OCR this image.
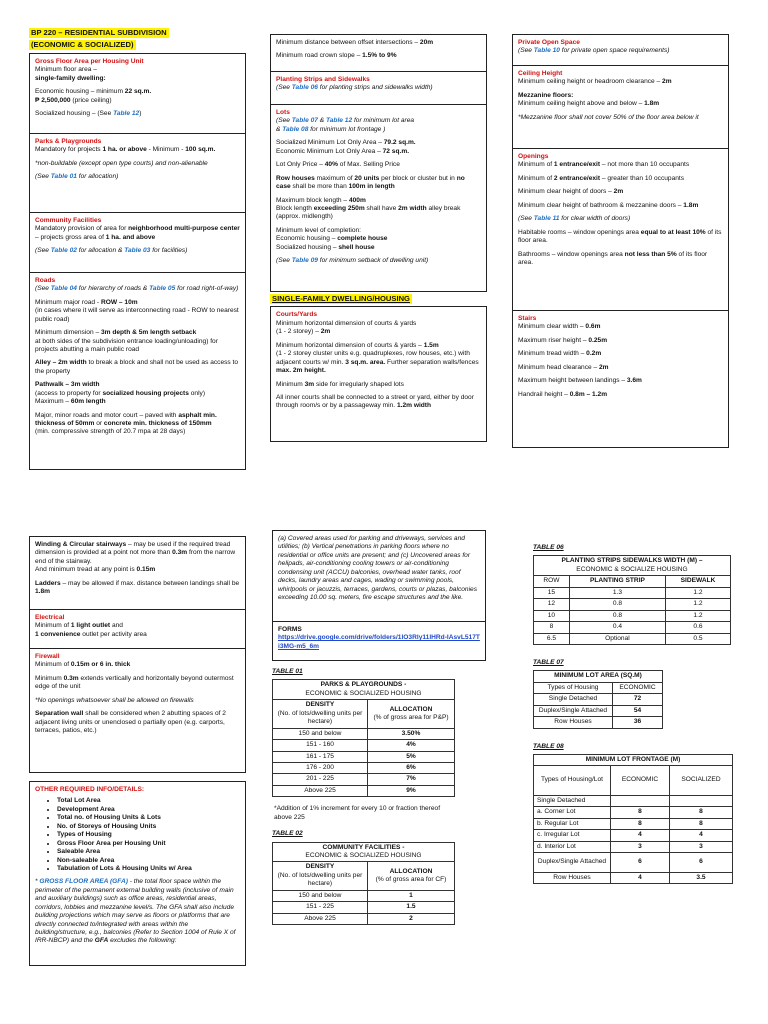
BP 220 – RESIDENTIAL SUBDIVISION
(ECONOMIC & SOCIALIZED)
Gross Floor Area per Housing Unit
Minimum floor area –

single-family dwelling:

Economic housing – minimum 22 sq.m.
₱ 2,500,000 (price ceiling)

Socialized housing – (See Table 12)

Parks & Playgrounds

Mandatory for projects 1 ha. or above - Minimum - 100 sq.m.

*non-buildable (except open type courts) and non-alienable

(See Table 01 for allocation)

Community Facilities

Mandatory provision of area for neighborhood multi-purpose center – projects gross area of 1 ha. and above

(See Table 02 for allocation & Table 03 for facilities)

Roads

(See Table 04 for hierarchy of roads & Table 05 for road right-of-way)

Minimum major road - ROW – 10m
(in cases where it will serve as interconnecting road - ROW to nearest public road)

Minimum dimension – 3m depth & 5m length setback
at both sides of the subdivision entrance loading/unloading) for projects abutting a main public road

Alley – 2m width to break a block and shall not be used as access to the property

Pathwalk – 3m width
(access to property for socialized housing projects only)
Maximum – 60m length

Major, minor roads and motor court – paved with asphalt min. thickness of 50mm or concrete min. thickness of 150mm
(min. compressive strength of 20.7 mpa at 28 days)

Minimum distance between offset intersections – 20m

Minimum road crown slope – 1.5% to 9%

Planting Strips and Sidewalks

(See Table 06 for planting strips and sidewalks width)

Lots

(See Table 07 & Table 12 for minimum lot area
& Table 08 for minimum lot frontage )

Socialized Minimum Lot Only Area – 79.2 sq.m.
Economic Minimum Lot Only Area – 72 sq.m.

Lot Only Price – 40% of Max. Selling Price

Row houses maximum of 20 units per block or cluster but in no case shall be more than 100m in length

Maximum block length – 400m
Block length exceeding 250m shall have 2m width alley break (approx. midlength)

Minimum level of completion:
Economic housing – complete house
Socialized housing – shell house

(See Table 09 for minimum setback of dwelling unit)

SINGLE-FAMILY DWELLING/HOUSING
Courts/Yards

Minimum horizontal dimension of courts & yards
(1 - 2 storey) – 2m

Minimum horizontal dimension of courts & yards – 1.5m
(1 - 2 storey cluster units e.g. quadruplexes, row houses, etc.) with adjacent courts w/ min. 3 sq.m. area. Further separation walls/fences max. 2m height.

Minimum 3m side for irregularly shaped lots

All inner courts shall be connected to a street or yard, either by door through room/s or by a passageway min. 1.2m width

Private Open Space

(See Table 10 for private open space requirements)

Ceiling Height

Minimum ceiling height or headroom clearance – 2m

Mezzanine floors:
Minimum ceiling height above and below – 1.8m

*Mezzanine floor shall not cover 50% of the floor area below it

Openings

Minimum of 1 entrance/exit – not more than 10 occupants

Minimum of 2 entrance/exit – greater than 10 occupants

Minimum clear height of doors – 2m

Minimum clear height of bathroom & mezzanine doors – 1.8m

(See Table 11 for clear width of doors)

Habitable rooms – window openings area equal to at least 10% of its floor area.

Bathrooms – window openings area not less than 5% of its floor area.

Stairs

Minimum clear width – 0.6m

Maximum riser height – 0.25m

Minimum tread width – 0.2m

Minimum head clearance – 2m

Maximum height between landings – 3.6m

Handrail height – 0.8m – 1.2m

Winding & Circular stairways – may be used if the required tread dimension is provided at a point not more than 0.3m from the narrow end of the stairway.
And minimum tread at any point is 0.15m

Ladders – may be allowed if max. distance between landings shall be 1.8m

Electrical
Minimum of 1 light outlet and
1 convenience outlet per activity area
Firewall

Minimum of 0.15m or 6 in. thick

Minimum 0.3m extends vertically and horizontally beyond outermost edge of the unit

*No openings whatsoever shall be allowed on firewalls

Separation wall shall be considered when 2 abutting spaces of 2 adjacent living units or unenclosed o partially open (e.g. carports, terraces, patios, etc.)

OTHER REQUIRED INFO/DETAILS:
• Total Lot Area
• Development Area
• Total no. of Housing Units & Lots
• No. of Storeys of Housing Units
• Types of Housing
• Gross Floor Area per Housing Unit
• Saleable Area
• Non-saleable Area
• Tabulation of Lots & Housing Units w/ Area

* GROSS FLOOR AREA (GFA) - the total floor space within the perimeter of the permanent external building walls (inclusive of main and auxiliary buildings) such as office areas, residential areas, corridors, lobbies and mezzanine level/s. The GFA shall also include building projections which may serve as floors or platforms that are directly connected to/integrated with areas within the building/structure, e.g., balconies (Refer to Section 1004 of Rule X of IRR-NBCP) and the GFA excludes the following:

(a) Covered areas used for parking and driveways, services and utilities; (b) Vertical penetrations in parking floors where no residential or office units are present; and (c) Uncovered areas for helipads, air-conditioning cooling towers or air-conditioning condensing unit (ACCU) balconies, overhead water tanks, roof decks, laundry areas and cages, wading or swimming pools, whirlpools or jacuzzis, terraces, gardens, courts or plazas, balconies exceeding 10.00 sq. meters, fire escape structures and the like.
FORMS
https://drive.google.com/drive/folders/1lO3Rly11lHRd-IAsvL517Ti3MG-m5_6m
TABLE 01
PARKS & PLAYGROUNDS -
ECONOMIC & SOCIALIZED HOUSING	
DENSITY
(No. of lots/dwelling units per hectare)	ALLOCATION
(% of gross area for P&P)
150 and below	3.50%
151 - 160	4%
161 - 175	5%
176 - 200	6%
201 - 225	7%
Above 225	9%
*Addition of 1% increment for every 10 or fraction thereof above 225
TABLE 02
COMMUNITY FACILITIES -
ECONOMIC & SOCIALIZED HOUSING	
DENSITY
(No. of lots/dwelling units per hectare)	ALLOCATION
(% of gross area for CF)
150 and below	1
151 - 225	1.5
Above 225	2
TABLE 06
PLANTING STRIPS SIDEWALKS WIDTH (M) –
ECONOMIC & SOCIALIZE HOUSING		
ROW	PLANTING STRIP	SIDEWALK
15	1.3	1.2
12	0.8	1.2
10	0.8	1.2
8	0.4	0.6
6.5	Optional	0.5
TABLE 07
MINIMUM LOT AREA (SQ.M)	
Types of Housing	ECONOMIC
Single Detached	72
Duplex/Single Attached	54
Row Houses	36
TABLE 08
MINIMUM LOT FRONTAGE (M)		
Types of Housing/Lot	ECONOMIC	SOCIALIZED
Single Detached		
a. Corner Lot	8	8
b. Regular Lot	8	8
c. Irregular Lot	4	4
d. Interior Lot	3	3
Duplex/Single Attached	6	6
Row Houses	4	3.5
